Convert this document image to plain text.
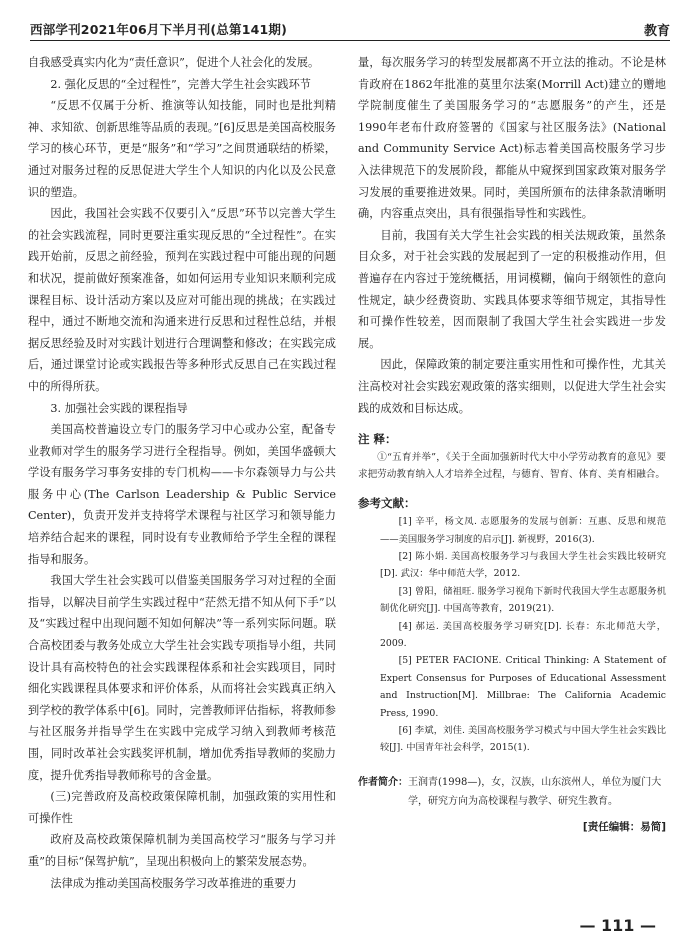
西部学刊2021年06月下半月刊(总第141期)	教育

自我感受真实内化为“责任意识”，促进个人社会化的发展。

2. 强化反思的“全过程性”，完善大学生社会实践环节

“反思不仅属于分析、推演等认知技能，同时也是批判精神、求知欲、创新思维等品质的表现。”[6]反思是美国高校服务学习的核心环节，更是“服务”和“学习”之间贯通联结的桥梁，通过对服务过程的反思促进大学生个人知识的内化以及公民意识的塑造。

因此，我国社会实践不仅要引入“反思”环节以完善大学生的社会实践流程，同时更要注重实现反思的“全过程性”。在实践开始前，反思之前经验，预判在实践过程中可能出现的问题和状况，提前做好预案准备，如如何运用专业知识来顺利完成课程目标、设计活动方案以及应对可能出现的挑战；在实践过程中，通过不断地交流和沟通来进行反思和过程性总结，并根据反思经验及时对实践计划进行合理调整和修改；在实践完成后，通过课堂讨论或实践报告等多种形式反思自己在实践过程中的所得所获。

3. 加强社会实践的课程指导

美国高校普遍设立专门的服务学习中心或办公室，配备专业教师对学生的服务学习进行全程指导。例如，美国华盛顿大学设有服务学习事务安排的专门机构——卡尔森领导力与公共服务中心(The Carlson Leadership & Public Service Center)，负责开发并支持将学术课程与社区学习和领导能力培养结合起来的课程，同时设有专业教师给予学生全程的课程指导和服务。

我国大学生社会实践可以借鉴美国服务学习对过程的全面指导，以解决目前学生实践过程中“茫然无措不知从何下手”以及“实践过程中出现问题不知如何解决”等一系列实际问题。联合高校团委与教务处成立大学生社会实践专项指导小组，共同设计具有高校特色的社会实践课程体系和社会实践项目，同时细化实践课程具体要求和评价体系，从而将社会实践真正纳入到学校的教学体系中[6]。同时，完善教师评估指标，将教师参与社区服务并指导学生在实践中完成学习纳入到教师考核范围，同时改革社会实践奖评机制，增加优秀指导教师的奖励力度，提升优秀指导教师称号的含金量。

(三)完善政府及高校政策保障机制，加强政策的实用性和可操作性

政府及高校政策保障机制为美国高校学习“服务与学习并重”的目标“保驾护航”，呈现出积极向上的繁荣发展态势。

法律成为推动美国高校服务学习改革推进的重要力

量，每次服务学习的转型发展都离不开立法的推动。不论是林肯政府在1862年批准的莫里尔法案(Morrill Act)建立的赠地学院制度催生了美国服务学习的“志愿服务”的产生，还是1990年老布什政府签署的《国家与社区服务法》(National and Community Service Act)标志着美国高校服务学习步入法律规范下的发展阶段，都能从中窥探到国家政策对服务学习发展的重要推进效果。同时，美国所颁布的法律条款清晰明确，内容重点突出，具有很强指导性和实践性。

目前，我国有关大学生社会实践的相关法规政策，虽然条目众多，对于社会实践的发展起到了一定的积极推动作用，但普遍存在内容过于笼统概括，用词模糊，偏向于纲领性的意向性规定，缺少经费资助、实践具体要求等细节规定，其指导性和可操作性较差，因而限制了我国大学生社会实践进一步发展。

因此，保障政策的制定要注重实用性和可操作性，尤其关注高校对社会实践宏观政策的落实细则，以促进大学生社会实践的成效和目标达成。

注 释：

①“五育并举”，《关于全面加强新时代大中小学劳动教育的意见》要求把劳动教育纳入人才培养全过程，与德育、智育、体育、美育相融合。

参考文献：

[1] 辛平，杨文凤. 志愿服务的发展与创新：互惠、反思和规范——美国服务学习制度的启示[J]. 新视野，2016(3).

[2] 陈小娟. 美国高校服务学习与我国大学生社会实践比较研究[D]. 武汉：华中师范大学，2012.

[3] 曾阳，储祖旺. 服务学习视角下新时代我国大学生志愿服务机制优化研究[J]. 中国高等教育，2019(21).

[4] 郝运. 美国高校服务学习研究[D]. 长春：东北师范大学，2009.

[5] PETER FACIONE. Critical Thinking: A Statement of Expert Consensus for Purposes of Educational Assessment and Instruction[M]. Millbrae: The California Academic Press, 1990.

[6] 李斌，刘佳. 美国高校服务学习模式与中国大学生社会实践比较[J]. 中国青年社会科学，2015(1).

作者简介： 王润青(1998—)，女，汉族，山东滨州人，单位为厦门大学，研究方向为高校课程与教学、研究生教育。
[责任编辑：易简]
— 111 —
